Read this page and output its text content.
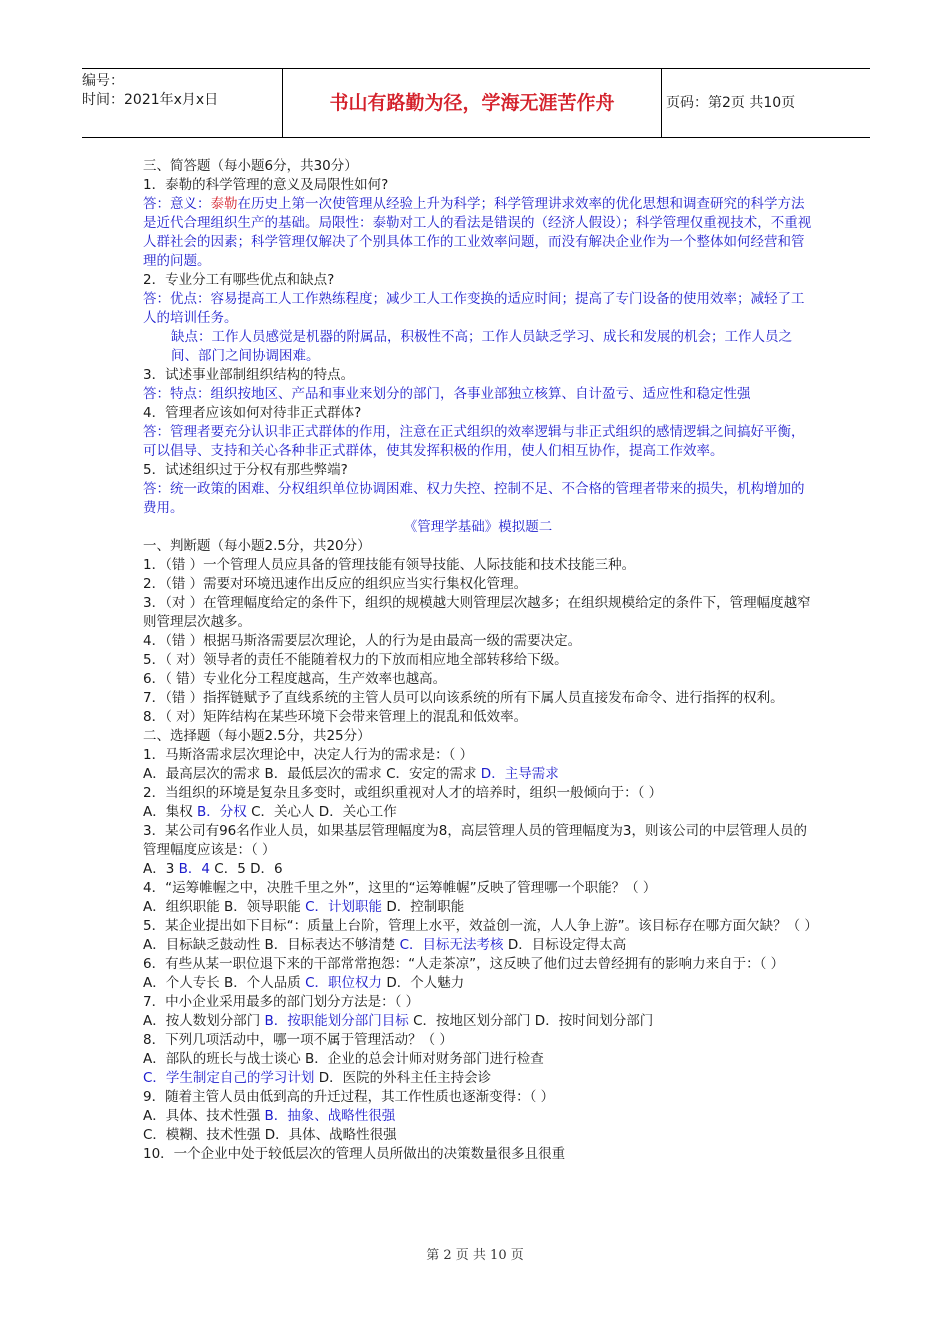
编号：
时间：2021年x月x日	书山有路勤为径，学海无涯苦作舟	页码：第2页 共10页
三、简答题（每小题6分，共30分）
1．泰勒的科学管理的意义及局限性如何?
答：意义：泰勒在历史上第一次使管理从经验上升为科学；科学管理讲求效率的优化思想和调查研究的科学方法是近代合理组织生产的基础。局限性：泰勒对工人的看法是错误的（经济人假设）；科学管理仅重视技术，不重视人群社会的因素；科学管理仅解决了个别具体工作的工业效率问题，而没有解决企业作为一个整体如何经营和管理的问题。
2．专业分工有哪些优点和缺点?
答：优点：容易提高工人工作熟练程度；减少工人工作变换的适应时间；提高了专门设备的使用效率；减轻了工人的培训任务。
缺点：工作人员感觉是机器的附属品，积极性不高；工作人员缺乏学习、成长和发展的机会；工作人员之间、部门之间协调困难。
3．试述事业部制组织结构的特点。
答：特点：组织按地区、产品和事业来划分的部门，各事业部独立核算、自计盈亏、适应性和稳定性强
4．管理者应该如何对待非正式群体?
答：管理者要充分认识非正式群体的作用，注意在正式组织的效率逻辑与非正式组织的感情逻辑之间搞好平衡，可以倡导、支持和关心各种非正式群体，使其发挥积极的作用，使人们相互协作，提高工作效率。
5．试述组织过于分权有那些弊端?
答：统一政策的困难、分权组织单位协调困难、权力失控、控制不足、不合格的管理者带来的损失，机构增加的费用。
《管理学基础》模拟题二
一、判断题（每小题2.5分，共20分）
1．（错 ）一个管理人员应具备的管理技能有领导技能、人际技能和技术技能三种。
2．（错 ）需要对环境迅速作出反应的组织应当实行集权化管理。
3．（对 ）在管理幅度给定的条件下，组织的规模越大则管理层次越多；在组织规模给定的条件下，管理幅度越窄则管理层次越多。
4．（错 ）根据马斯洛需要层次理论，人的行为是由最高一级的需要决定。
5．（ 对）领导者的责任不能随着权力的下放而相应地全部转移给下级。
6．（ 错）专业化分工程度越高，生产效率也越高。
7．（错 ）指挥链赋予了直线系统的主管人员可以向该系统的所有下属人员直接发布命令、进行指挥的权利。
8．（ 对）矩阵结构在某些环境下会带来管理上的混乱和低效率。
二、选择题（每小题2.5分，共25分）
1．马斯洛需求层次理论中，决定人行为的需求是：（ ）
A．最高层次的需求 B．最低层次的需求 C．安定的需求 D．主导需求
2．当组织的环境是复杂且多变时，或组织重视对人才的培养时，组织一般倾向于：（ ）
A．集权 B．分权 C．关心人 D．关心工作
3．某公司有96名作业人员，如果基层管理幅度为8，高层管理人员的管理幅度为3，则该公司的中层管理人员的管理幅度应该是：（ ）
A．3 B．4 C．5 D．6
4．“运筹帷幄之中，决胜千里之外”，这里的“运筹帷幄”反映了管理哪一个职能？（ ）
A．组织职能 B．领导职能 C．计划职能 D．控制职能
5．某企业提出如下目标“：质量上台阶，管理上水平，效益创一流，人人争上游”。该目标存在哪方面欠缺？（ ）
A．目标缺乏鼓动性 B．目标表达不够清楚 C．目标无法考核 D．目标设定得太高
6．有些从某一职位退下来的干部常常抱怨：“人走茶凉”，这反映了他们过去曾经拥有的影响力来自于：（ ）
A．个人专长 B．个人品质 C．职位权力 D．个人魅力
7．中小企业采用最多的部门划分方法是：（ ）
A．按人数划分部门 B．按职能划分部门目标 C．按地区划分部门 D．按时间划分部门
8．下列几项活动中，哪一项不属于管理活动？（ ）
A．部队的班长与战士谈心 B．企业的总会计师对财务部门进行检查
C．学生制定自己的学习计划 D．医院的外科主任主持会诊
9．随着主管人员由低到高的升迁过程，其工作性质也逐渐变得：（ ）
A．具体、技术性强 B．抽象、战略性很强
C．模糊、技术性强 D．具体、战略性很强
10．一个企业中处于较低层次的管理人员所做出的决策数量很多且很重
第 2 页 共 10 页
